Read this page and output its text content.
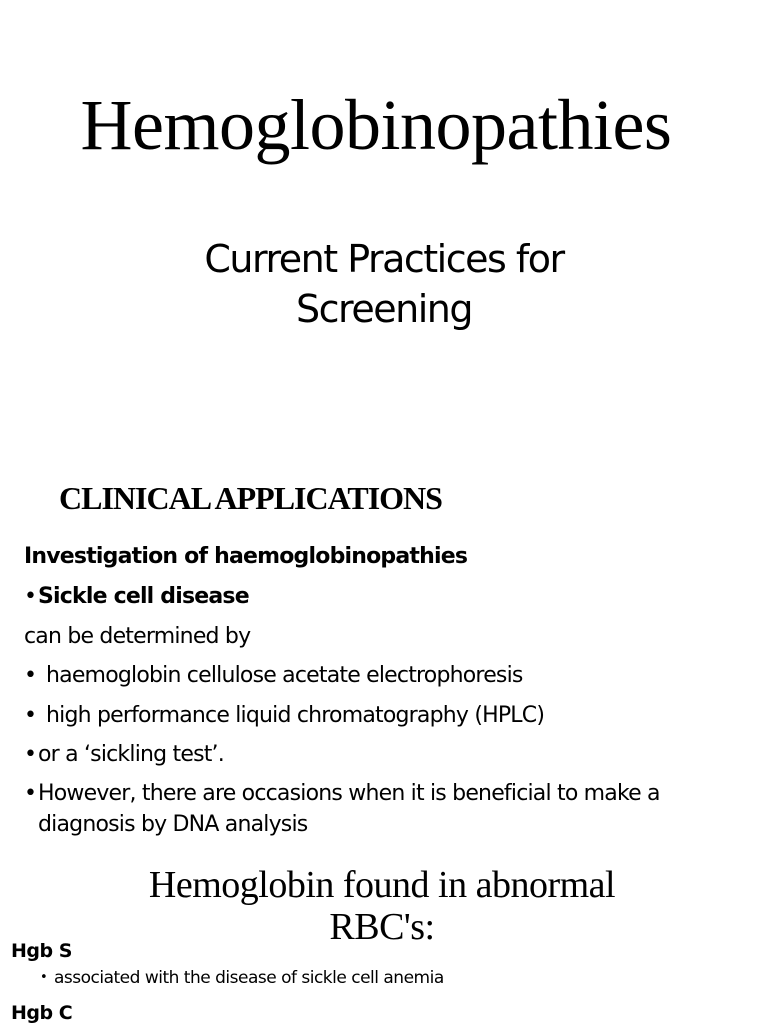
Hemoglobinopathies
Current Practices for
Screening
CLINICAL APPLICATIONS
Investigation of haemoglobinopathies
• Sickle cell disease
can be determined by
• haemoglobin cellulose acetate electrophoresis
• high performance liquid chromatography (HPLC)
• or a ‘sickling test’.
• However, there are occasions when it is beneficial to make a
diagnosis by DNA analysis
Hemoglobin found in abnormal
RBC's:
Hgb S
• associated with the disease of sickle cell anemia
Hgb C
